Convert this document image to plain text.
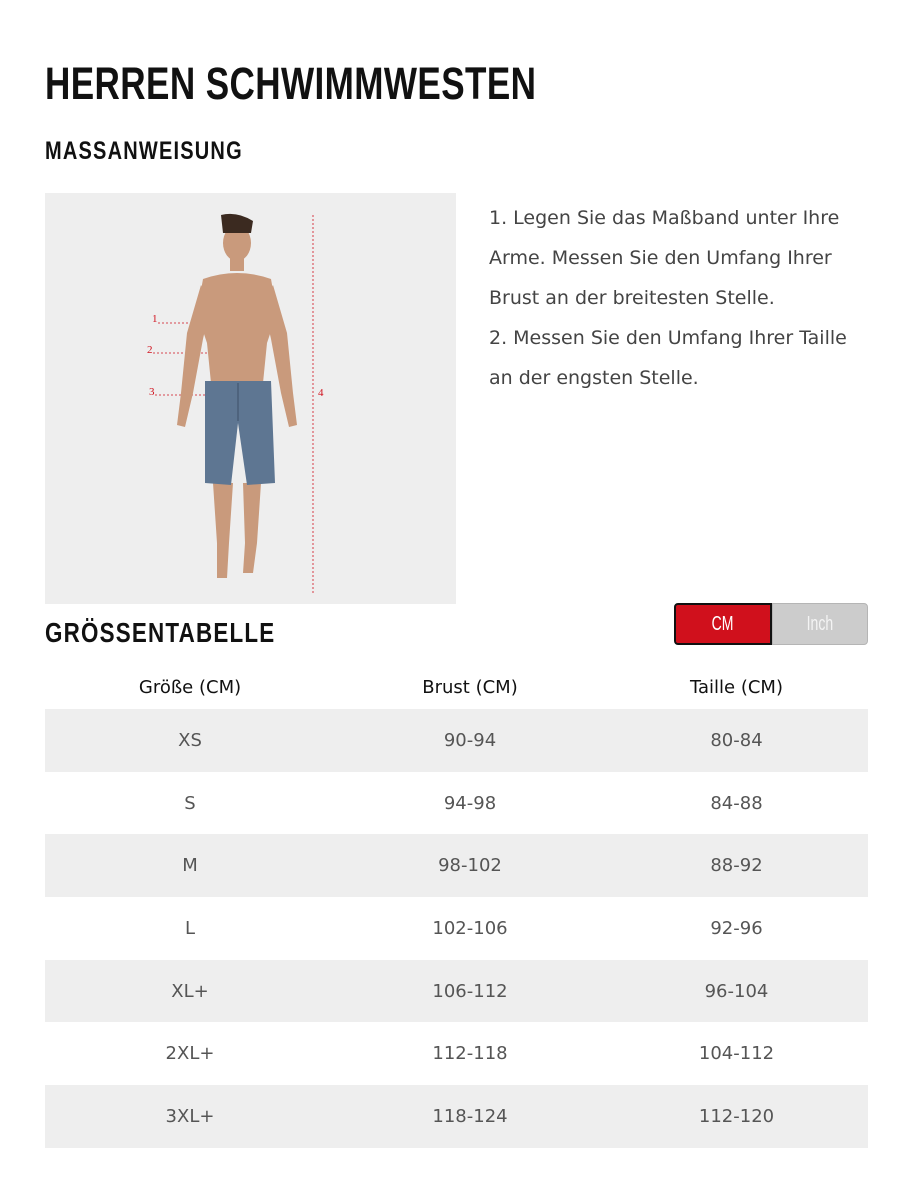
HERREN SCHWIMMWESTEN
MASSANWEISUNG
1
2
3	4

1. Legen Sie das Maßband unter Ihre Arme. Messen Sie den Umfang Ihrer Brust an der breitesten Stelle.

2. Messen Sie den Umfang Ihrer Taille an der engsten Stelle.

GRÖSSENTABELLE	CM	Inch
Größe (CM)	Brust (CM)	Taille (CM)
XS	90-94	80-84
S	94-98	84-88
M	98-102	88-92
L	102-106	92-96
XL+	106-112	96-104
2XL+	112-118	104-112
3XL+	118-124	112-120
